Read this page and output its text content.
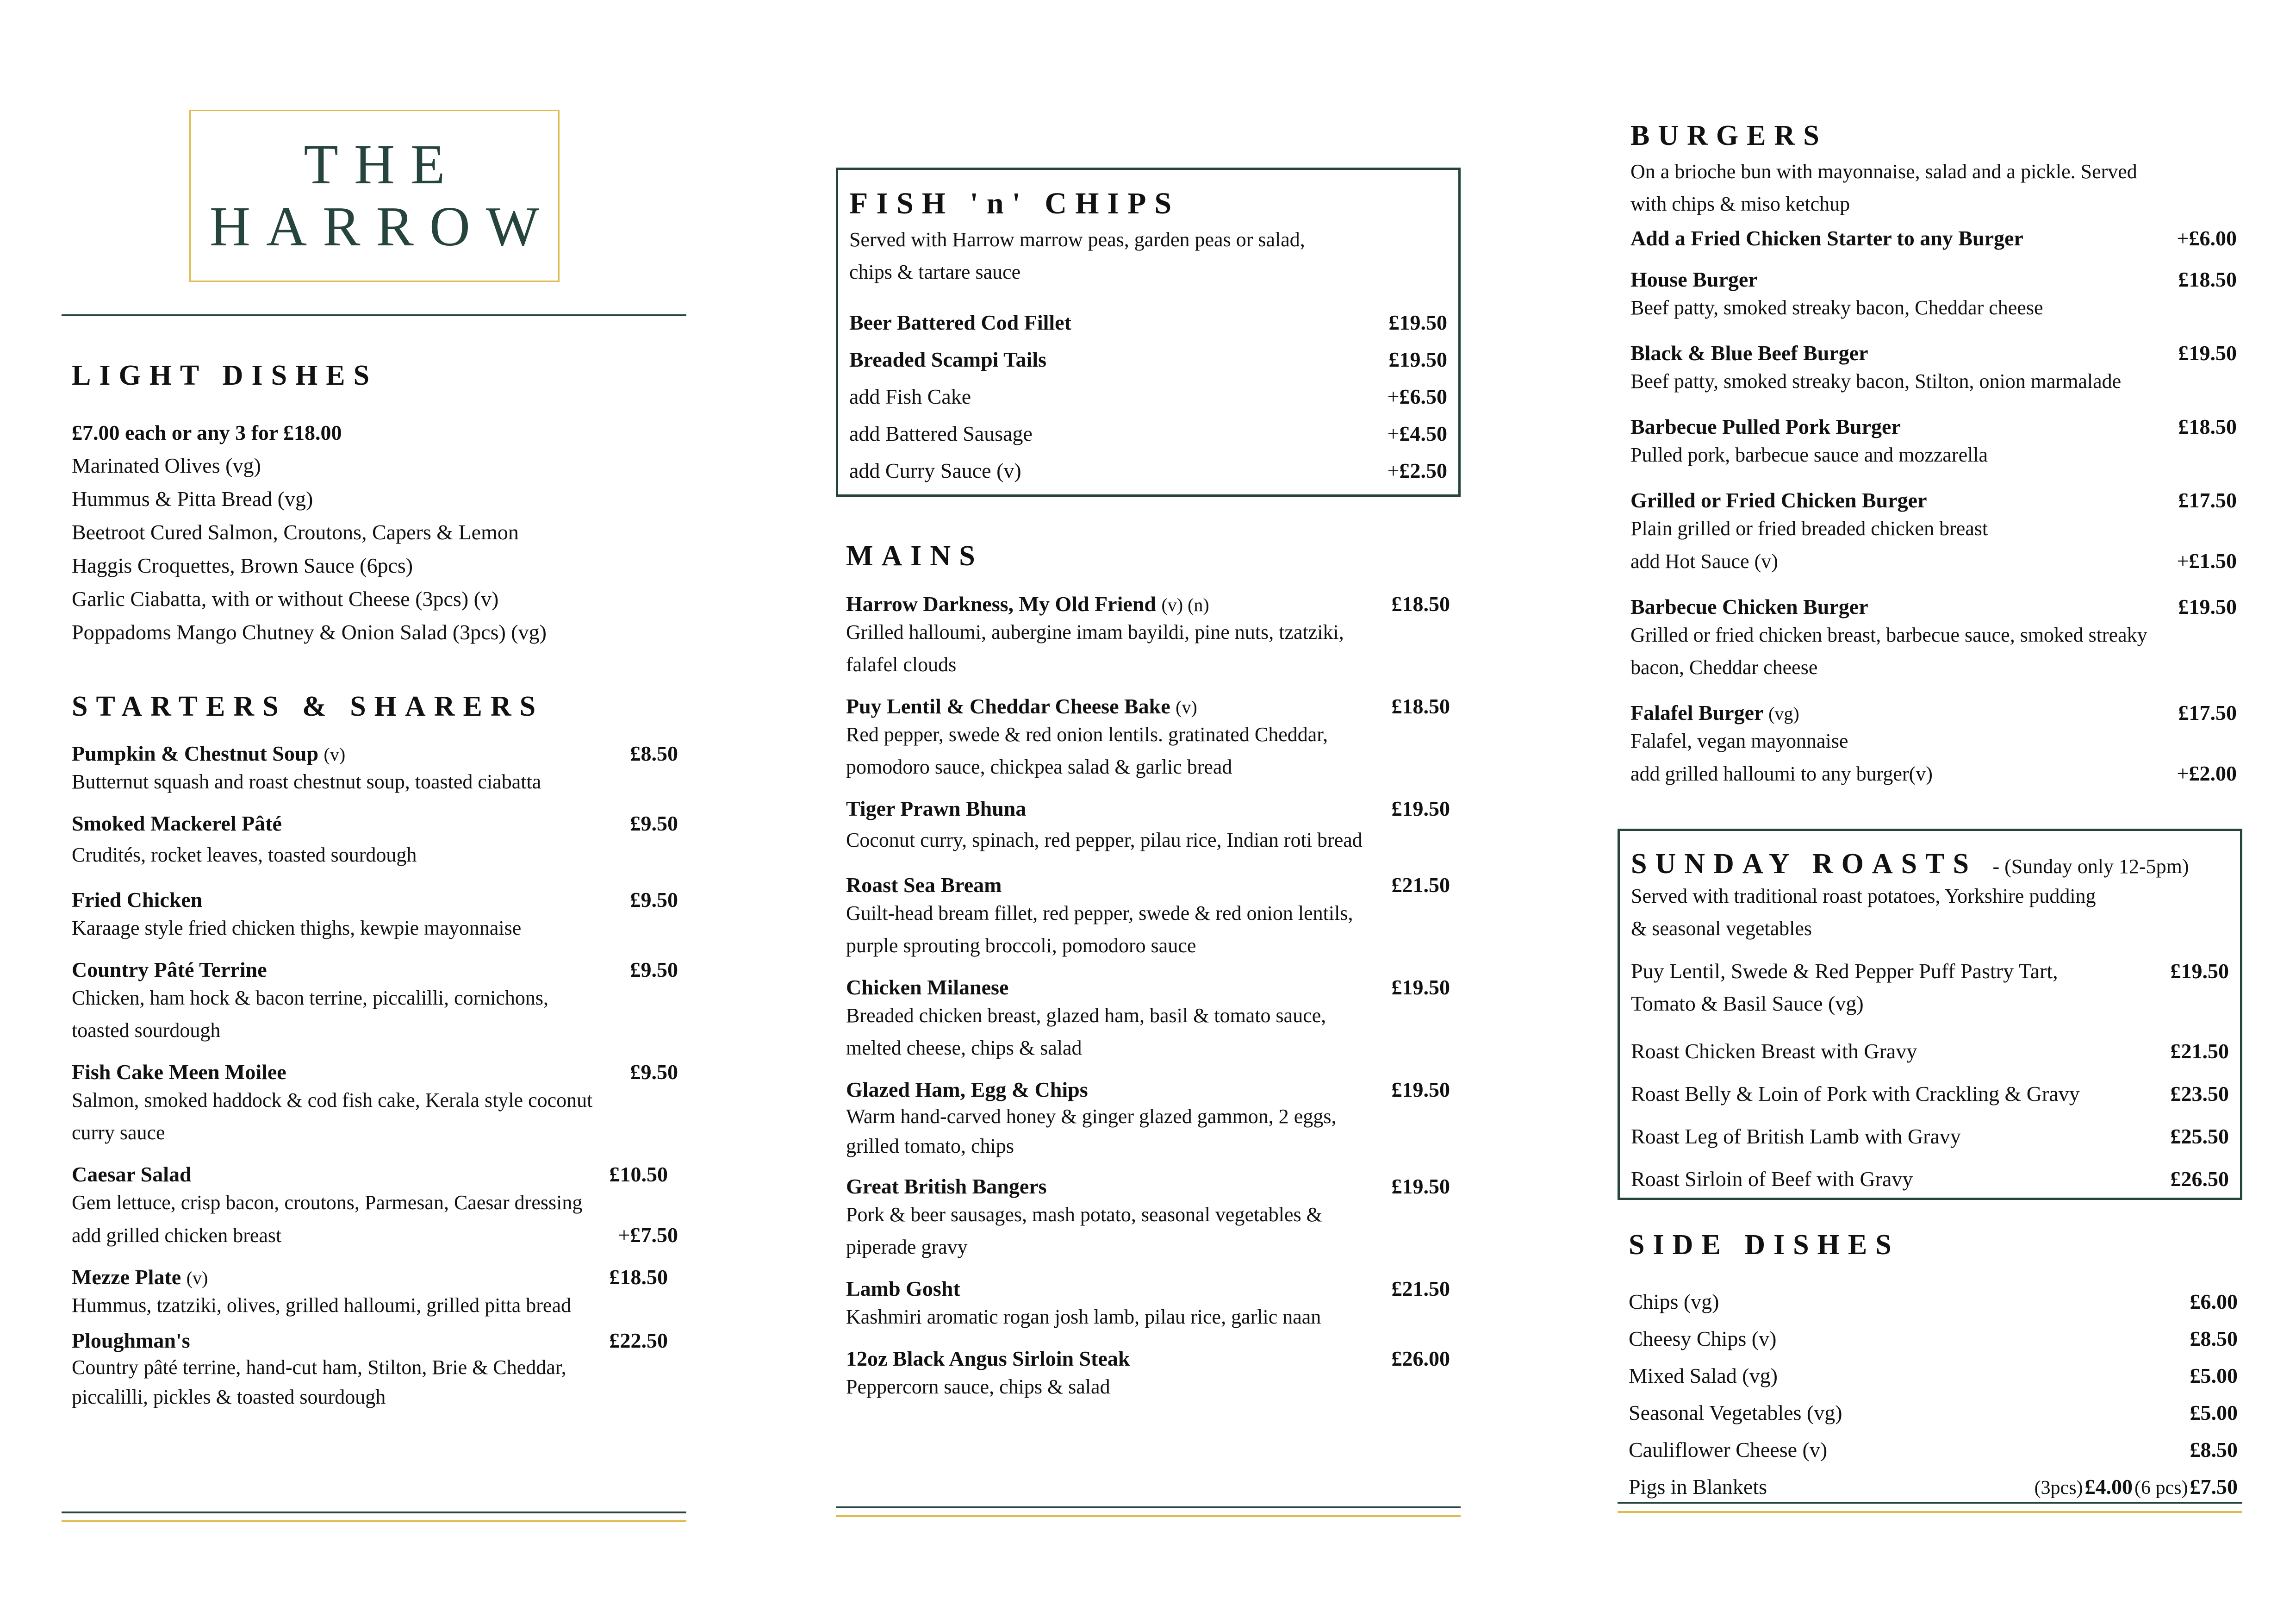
THE
HARROW
LIGHT DISHES
£7.00 each or any 3 for £18.00
Marinated Olives (vg)
Hummus & Pitta Bread (vg)
Beetroot Cured Salmon, Croutons, Capers & Lemon
Haggis Croquettes, Brown Sauce (6pcs)
Garlic Ciabatta, with or without Cheese (3pcs) (v)
Poppadoms Mango Chutney & Onion Salad (3pcs) (vg)
STARTERS & SHARERS
Pumpkin & Chestnut Soup (v)	£8.50
Butternut squash and roast chestnut soup, toasted ciabatta
Smoked Mackerel Pâté	£9.50
Crudités, rocket leaves, toasted sourdough
Fried Chicken	£9.50
Karaage style fried chicken thighs, kewpie mayonnaise
Country Pâté Terrine	£9.50
Chicken, ham hock & bacon terrine, piccalilli, cornichons,
toasted sourdough
Fish Cake Meen Moilee	£9.50
Salmon, smoked haddock & cod fish cake, Kerala style coconut
curry sauce
Caesar Salad	£10.50
Gem lettuce, crisp bacon, croutons, Parmesan, Caesar dressing
add grilled chicken breast	+£7.50
Mezze Plate (v)	£18.50
Hummus, tzatziki, olives, grilled halloumi, grilled pitta bread
Ploughman's	£22.50
Country pâté terrine, hand-cut ham, Stilton, Brie & Cheddar,
piccalilli, pickles & toasted sourdough
FISH 'n' CHIPS
Served with Harrow marrow peas, garden peas or salad,
chips & tartare sauce
Beer Battered Cod Fillet	£19.50
Breaded Scampi Tails	£19.50
add Fish Cake	+£6.50
add Battered Sausage	+£4.50
add Curry Sauce (v)	+£2.50
MAINS
Harrow Darkness, My Old Friend (v) (n)	£18.50
Grilled halloumi, aubergine imam bayildi, pine nuts, tzatziki,
falafel clouds
Puy Lentil & Cheddar Cheese Bake (v)	£18.50
Red pepper, swede & red onion lentils. gratinated Cheddar,
pomodoro sauce, chickpea salad & garlic bread
Tiger Prawn Bhuna	£19.50
Coconut curry, spinach, red pepper, pilau rice, Indian roti bread
Roast Sea Bream	£21.50
Guilt-head bream fillet, red pepper, swede & red onion lentils,
purple sprouting broccoli, pomodoro sauce
Chicken Milanese	£19.50
Breaded chicken breast, glazed ham, basil & tomato sauce,
melted cheese, chips & salad
Glazed Ham, Egg & Chips	£19.50
Warm hand-carved honey & ginger glazed gammon, 2 eggs,
grilled tomato, chips
Great British Bangers	£19.50
Pork & beer sausages, mash potato, seasonal vegetables &
piperade gravy
Lamb Gosht	£21.50
Kashmiri aromatic rogan josh lamb, pilau rice, garlic naan
12oz Black Angus Sirloin Steak	£26.00
Peppercorn sauce, chips & salad
BURGERS
On a brioche bun with mayonnaise, salad and a pickle. Served
with chips & miso ketchup
Add a Fried Chicken Starter to any Burger	+£6.00
House Burger	£18.50
Beef patty, smoked streaky bacon, Cheddar cheese
Black & Blue Beef Burger	£19.50
Beef patty, smoked streaky bacon, Stilton, onion marmalade
Barbecue Pulled Pork Burger	£18.50
Pulled pork, barbecue sauce and mozzarella
Grilled or Fried Chicken Burger	£17.50
Plain grilled or fried breaded chicken breast
add Hot Sauce (v)	+£1.50
Barbecue Chicken Burger	£19.50
Grilled or fried chicken breast, barbecue sauce, smoked streaky
bacon, Cheddar cheese
Falafel Burger (vg)	£17.50
Falafel, vegan mayonnaise
add grilled halloumi to any burger(v)	+£2.00
SUNDAY ROASTS - (Sunday only 12-5pm)
Served with traditional roast potatoes, Yorkshire pudding
& seasonal vegetables
Puy Lentil, Swede & Red Pepper Puff Pastry Tart,	£19.50
Tomato & Basil Sauce (vg)
Roast Chicken Breast with Gravy	£21.50
Roast Belly & Loin of Pork with Crackling & Gravy	£23.50
Roast Leg of British Lamb with Gravy	£25.50
Roast Sirloin of Beef with Gravy	£26.50
SIDE DISHES
Chips (vg)	£6.00
Cheesy Chips (v)	£8.50
Mixed Salad (vg)	£5.00
Seasonal Vegetables (vg)	£5.00
Cauliflower Cheese (v)	£8.50
Pigs in Blankets	(3pcs) £4.00 (6 pcs) £7.50
